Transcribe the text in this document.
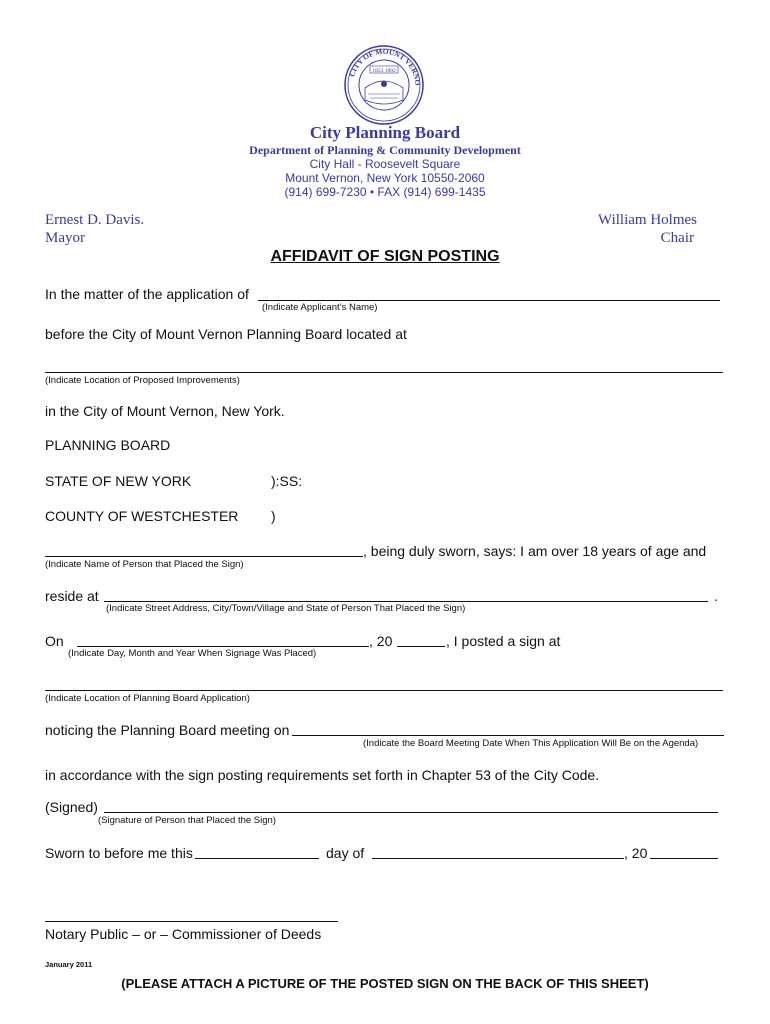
CITY OF MOUNT VERNO
1853 1892
City Planning Board
Department of Planning & Community Development
City Hall - Roosevelt Square
Mount Vernon, New York 10550-2060
(914) 699-7230 • FAX (914) 699-1435
Ernest D. Davis.
Mayor
William Holmes
Chair
AFFIDAVIT OF SIGN POSTING
In the matter of the application of
(Indicate Applicant’s Name)
before the City of Mount Vernon Planning Board located at
(Indicate Location of Proposed Improvements)
in the City of Mount Vernon, New York.
PLANNING BOARD
STATE OF NEW YORK	):SS:
COUNTY OF WESTCHESTER )
, being duly sworn, says: I am over 18 years of age and
(Indicate Name of Person that Placed the Sign)
reside at	.
(Indicate Street Address, City/Town/Village and State of Person That Placed the Sign)
On	, 20	, I posted a sign at
(Indicate Day, Month and Year When Signage Was Placed)
(Indicate Location of Planning Board Application)
noticing the Planning Board meeting on
(Indicate the Board Meeting Date When This Application Will Be on the Agenda)
in accordance with the sign posting requirements set forth in Chapter 53 of the City Code.
(Signed)
(Signature of Person that Placed the Sign)
Sworn to before me this	day of	, 20
Notary Public – or – Commissioner of Deeds
January 2011
(PLEASE ATTACH A PICTURE OF THE POSTED SIGN ON THE BACK OF THIS SHEET)
